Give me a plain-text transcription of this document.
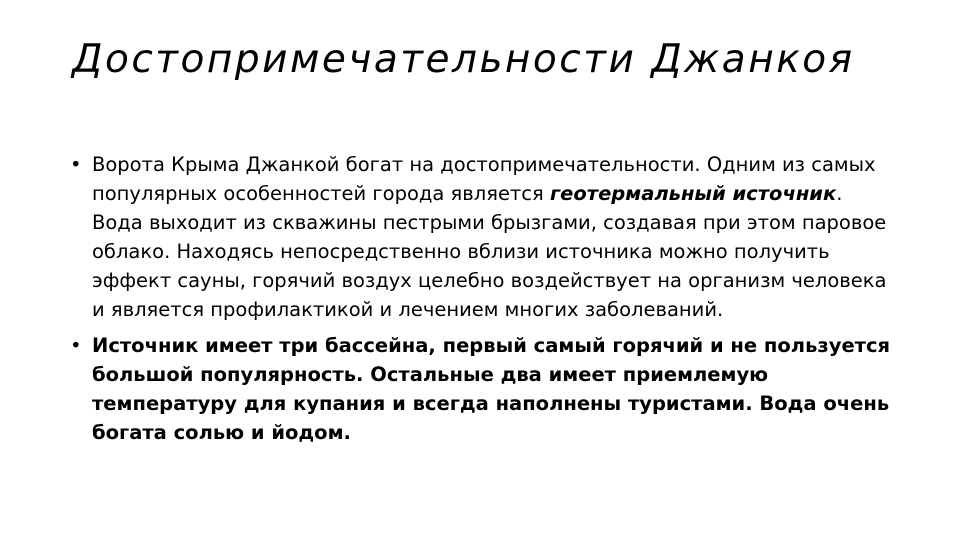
Достопримечательности Джанкоя
• Ворота Крыма Джанкой богат на достопримечательности. Одним из самых популярных особенностей города является геотермальный источник. Вода выходит из скважины пестрыми брызгами, создавая при этом паровое облако. Находясь непосредственно вблизи источника можно получить эффект сауны, горячий воздух целебно воздействует на организм человека и является профилактикой и лечением многих заболеваний.
• Источник имеет три бассейна, первый самый горячий и не пользуется большой популярность. Остальные два имеет приемлемую температуру для купания и всегда наполнены туристами. Вода очень богата солью и йодом.
